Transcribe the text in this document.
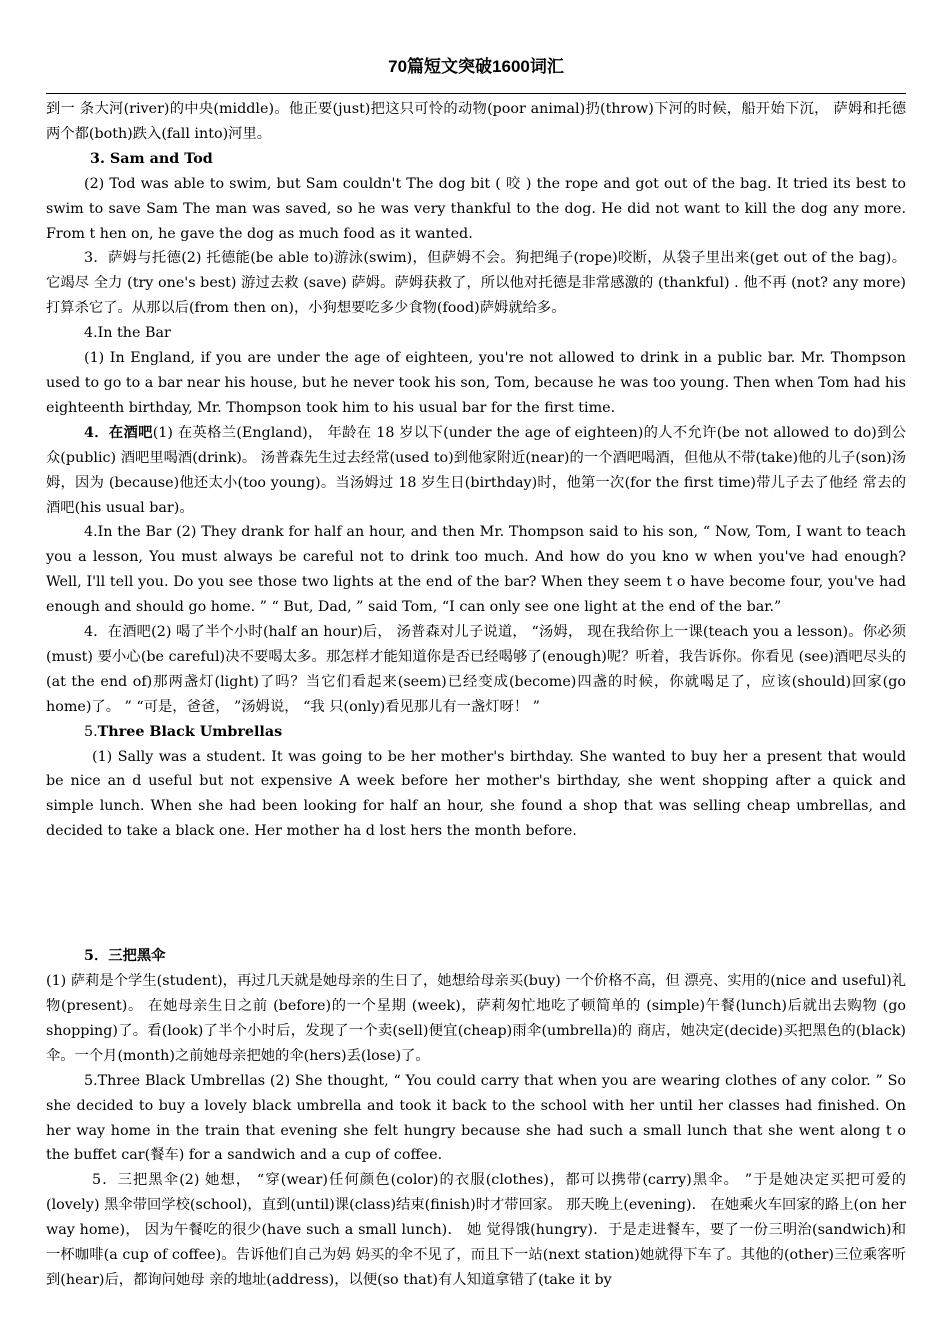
70篇短文突破1600词汇

到一 条大河(river)的中央(middle)。他正要(just)把这只可怜的动物(poor animal)扔(throw)下河的时候，船开始下沉， 萨姆和托德两个都(both)跌入(fall into)河里。

3. Sam and Tod

(2) Tod was able to swim, but Sam couldn't The dog bit ( 咬 ) the rope and got out of the bag. It tried its best to swim to save Sam The man was saved, so he was very thankful to the dog. He did not want to kill the dog any more. From t hen on, he gave the dog as much food as it wanted.

3．萨姆与托德(2) 托德能(be able to)游泳(swim)，但萨姆不会。狗把绳子(rope)咬断，从袋子里出来(get out of the bag)。它竭尽 全力 (try one's best) 游过去救 (save) 萨姆。萨姆获救了，所以他对托德是非常感激的 (thankful) . 他不再 (not? any more)打算杀它了。从那以后(from then on)，小狗想要吃多少食物(food)萨姆就给多。

4.In the Bar

(1) In England, if you are under the age of eighteen, you're not allowed to drink in a public bar. Mr. Thompson used to go to a bar near his house, but he never took his son, Tom, because he was too young. Then when Tom had his eighteenth birthday, Mr. Thompson took him to his usual bar for the first time.

4．在酒吧(1) 在英格兰(England)， 年龄在 18 岁以下(under the age of eighteen)的人不允许(be not allowed to do)到公众(public) 酒吧里喝酒(drink)。 汤普森先生过去经常(used to)到他家附近(near)的一个酒吧喝酒，但他从不带(take)他的儿子(son)汤姆，因为 (because)他还太小(too young)。当汤姆过 18 岁生日(birthday)时，他第一次(for the first time)带儿子去了他经 常去的酒吧(his usual bar)。

4.In the Bar (2) They drank for half an hour, and then Mr. Thompson said to his son, “ Now, Tom, I want to teach you a lesson, You must always be careful not to drink too much. And how do you kno w when you've had enough? Well, I'll tell you. Do you see those two lights at the end of the bar? When they seem t o have become four, you've had enough and should go home. ” “ But, Dad, ” said Tom, “I can only see one light at the end of the bar.”

4．在酒吧(2) 喝了半个小时(half an hour)后， 汤普森对儿子说道， “汤姆， 现在我给你上一课(teach you a lesson)。你必须(must) 要小心(be careful)决不要喝太多。那怎样才能知道你是否已经喝够了(enough)呢？听着，我告诉你。你看见 (see)酒吧尽头的(at the end of)那两盏灯(light)了吗？当它们看起来(seem)已经变成(become)四盏的时候，你就喝足了，应该(should)回家(go home)了。 ” “可是，爸爸， ”汤姆说， “我 只(only)看见那儿有一盏灯呀！ ”

5.Three Black Umbrellas

(1) Sally was a student. It was going to be her mother's birthday. She wanted to buy her a present that would be nice an d useful but not expensive A week before her mother's birthday, she went shopping after a quick and simple lunch. When she had been looking for half an hour, she found a shop that was selling cheap umbrellas, and decided to take a black one. Her mother ha d lost hers the month before.

5．三把黑伞

(1) 萨莉是个学生(student)，再过几天就是她母亲的生日了，她想给母亲买(buy) 一个价格不高，但 漂亮、实用的(nice and useful)礼物(present)。 在她母亲生日之前 (before)的一个星期 (week)，萨莉匆忙地吃了顿简单的 (simple)午餐(lunch)后就出去购物 (go shopping)了。看(look)了半个小时后，发现了一个卖(sell)便宜(cheap)雨伞(umbrella)的 商店，她决定(decide)买把黑色的(black)伞。一个月(month)之前她母亲把她的伞(hers)丢(lose)了。

5.Three Black Umbrellas (2) She thought, “ You could carry that when you are wearing clothes of any color. ” So she decided to buy a lovely black umbrella and took it back to the school with her until her classes had finished. On her way home in the train that evening she felt hungry because she had such a small lunch that she went along t o the buffet car(餐车) for a sandwich and a cup of coffee.

5．三把黑伞(2) 她想， “穿(wear)任何颜色(color)的衣服(clothes)，都可以携带(carry)黑伞。 ”于是她决定买把可爱的 (lovely) 黑伞带回学校(school)，直到(until)课(class)结束(finish)时才带回家。 那天晚上(evening)． 在她乘火车回家的路上(on her way home)， 因为午餐吃的很少(have such a small lunch)． 她 觉得饿(hungry)．于是走进餐车，要了一份三明治(sandwich)和一杯咖啡(a cup of coffee)。告诉他们自己为妈 妈买的伞不见了，而且下一站(next station)她就得下车了。其他的(other)三位乘客听到(hear)后，都询问她母 亲的地址(address)，以便(so that)有人知道拿错了(take it by
